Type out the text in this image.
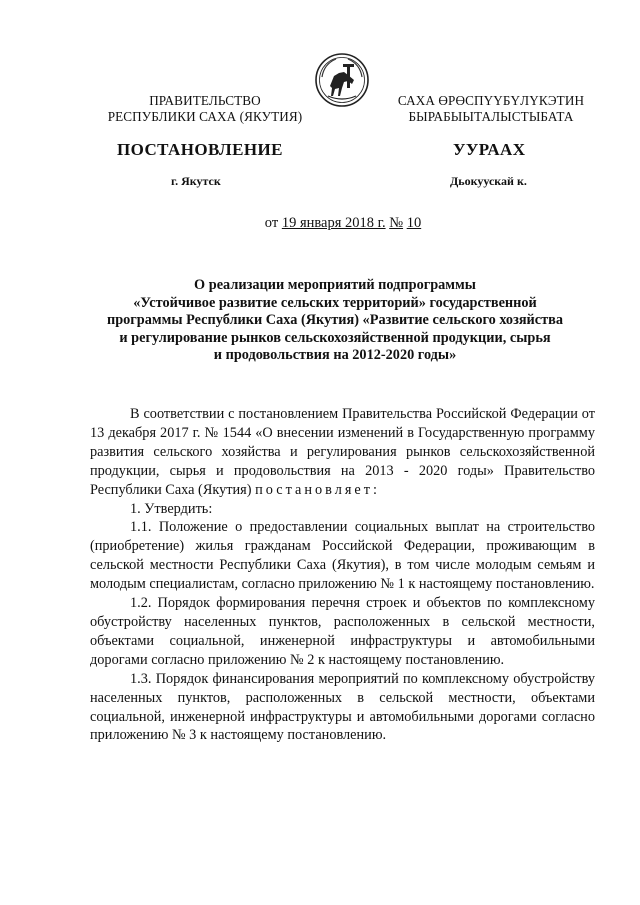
ПРАВИТЕЛЬСТВО
РЕСПУБЛИКИ САХА (ЯКУТИЯ)
САХА ӨРӨСПҮҮБҮЛҮКЭТИН
БЫРАБЫЫТАЛЫСТЫБАТА
ПОСТАНОВЛЕНИЕ	УУРААХ
г. Якутск	Дьокуускай к.
от 19 января 2018 г. № 10
О реализации мероприятий подпрограммы
«Устойчивое развитие сельских территорий» государственной
программы Республики Саха (Якутия) «Развитие сельского хозяйства
и регулирование рынков сельскохозяйственной продукции, сырья
и продовольствия на 2012-2020 годы»

В соответствии с постановлением Правительства Российской Федерации от 13 декабря 2017 г. № 1544 «О внесении изменений в Государственную программу развития сельского хозяйства и регулирования рынков сельскохозяйственной продукции, сырья и продовольствия на 2013 - 2020 годы» Правительство Республики Саха (Якутия) постановляет:

1. Утвердить:

1.1. Положение о предоставлении социальных выплат на строительство (приобретение) жилья гражданам Российской Федерации, проживающим в сельской местности Республики Саха (Якутия), в том числе молодым семьям и молодым специалистам, согласно приложению № 1 к настоящему постановлению.

1.2. Порядок формирования перечня строек и объектов по комплексному обустройству населенных пунктов, расположенных в сельской местности, объектами социальной, инженерной инфраструктуры и автомобильными дорогами согласно приложению № 2 к настоящему постановлению.

1.3. Порядок финансирования мероприятий по комплексному обустройству населенных пунктов, расположенных в сельской местности, объектами социальной, инженерной инфраструктуры и автомобильными дорогами согласно приложению № 3 к настоящему постановлению.
